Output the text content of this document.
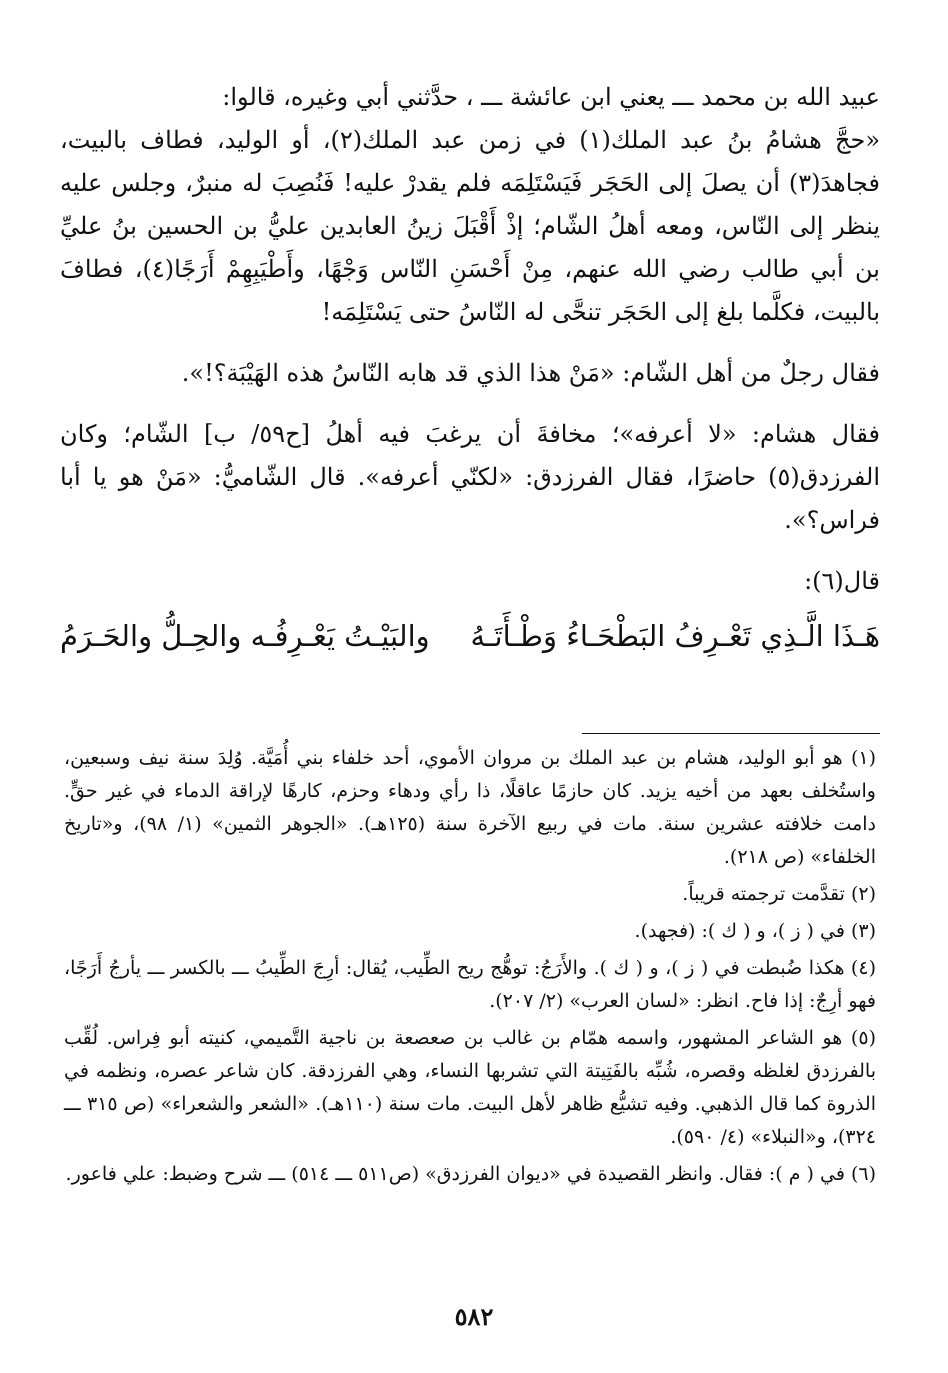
عبيد الله بن محمد ـــ يعني ابن عائشة ـــ ، حدَّثني أبي وغيره، قالوا:

«حجَّ هشامُ بنُ عبد الملك(١) في زمن عبد الملك(٢)، أو الوليد، فطاف بالبيت، فجاهدَ(٣) أن يصلَ إلى الحَجَر فَيَسْتَلِمَه فلم يقدرْ عليه! فَنُصِبَ له منبرٌ، وجلس عليه ينظر إلى النّاس، ومعه أهلُ الشّام؛ إذْ أَقْبَلَ زينُ العابدين عليُّ بن الحسين بنُ عليِّ بن أبي طالب رضي الله عنهم، مِنْ أَحْسَنِ النّاس وَجْهًا، وأَطْيَبِهِمْ أَرَجًا(٤)، فطافَ بالبيت، فكلَّما بلغ إلى الحَجَر تنحَّى له النّاسُ حتى يَسْتَلِمَه!

فقال رجلٌ من أهل الشّام: «مَنْ هذا الذي قد هابه النّاسُ هذه الهَيْبَة؟!».

فقال هشام: «لا أعرفه»؛ مخافةَ أن يرغبَ فيه أهلُ [ح٥٩/ ب] الشّام؛ وكان الفرزدق(٥) حاضرًا، فقال الفرزدق: «لكنّي أعرفه». قال الشّاميُّ: «مَنْ هو يا أبا فراس؟».

قال(٦):

هَـذَا الَّـذِي تَعْـرِفُ البَطْحَـاءُ وَطْـأَتَـهُ
والبَيْـتُ يَعْـرِفُـه والحِـلُّ والحَـرَمُ

(١) هو أبو الوليد، هشام بن عبد الملك بن مروان الأموي، أحد خلفاء بني أُمَيَّة. وُلِدَ سنة نيف وسبعين، واستُخلف بعهد من أخيه يزيد. كان حازمًا عاقلًا، ذا رأي ودهاء وحزم، كارهًا لإراقة الدماء في غير حقٍّ. دامت خلافته عشرين سنة. مات في ربيع الآخرة سنة (١٢٥هـ). «الجوهر الثمين» (١/ ٩٨)، و«تاريخ الخلفاء» (ص ٢١٨).

(٢) تقدَّمت ترجمته قريباً.

(٣) في ( ز )، و ( ك ): (فجهد).

(٤) هكذا ضُبطت في ( ز )، و ( ك ). والأَرَجُ: توهُّج ريح الطِّيب، يُقال: أرِجَ الطِّيبُ ـــ بالكسر ـــ يأرجُ أَرَجًا، فهو أرِجٌ: إذا فاح. انظر: «لسان العرب» (٢/ ٢٠٧).

(٥) هو الشاعر المشهور، واسمه همّام بن غالب بن صعصعة بن ناجية التَّميمي، كنيته أبو فِراس. لُقِّب بالفرزدق لغلظه وقصره، شُبِّه بالفَتِيتة التي تشربها النساء، وهي الفرزدقة. كان شاعر عصره، ونظمه في الذروة كما قال الذهبي. وفيه تشيُّع ظاهر لأهل البيت. مات سنة (١١٠هـ). «الشعر والشعراء» (ص ٣١٥ ـــ ٣٢٤)، و«النبلاء» (٤/ ٥٩٠).

(٦) في ( م ): فقال. وانظر القصيدة في «ديوان الفرزدق» (ص٥١١ ـــ ٥١٤) ـــ شرح وضبط: علي فاعور.

٥٨٢
